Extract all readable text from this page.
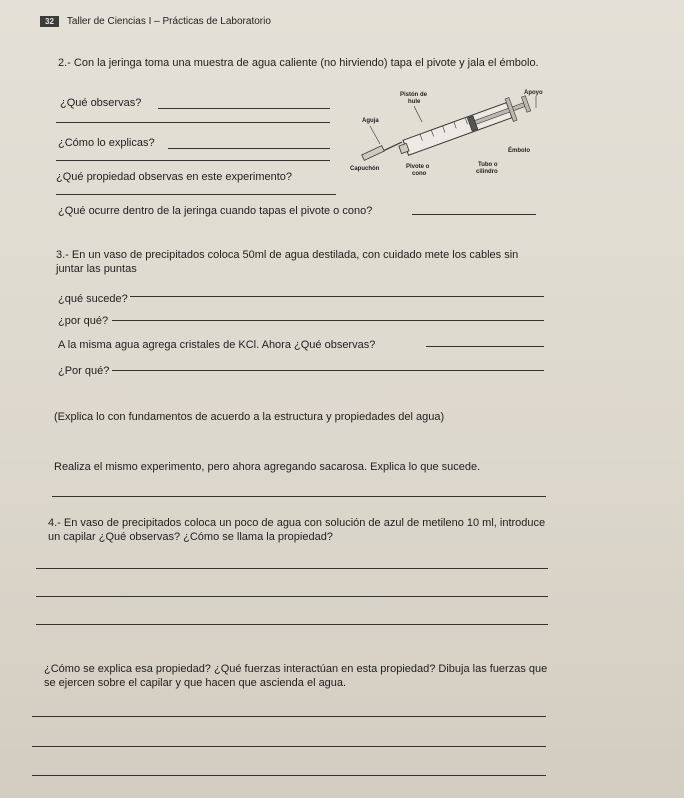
32	Taller de Ciencias I – Prácticas de Laboratorio
2.- Con la jeringa toma una muestra de agua caliente (no hirviendo) tapa el pivote y jala el émbolo.
¿Qué observas?
¿Cómo lo explicas?
¿Qué propiedad observas en este experimento?
¿Qué ocurre dentro de la jeringa cuando tapas el pivote o cono?
Apoyo
Pistón de
hule
Aguja
Émbolo
Capuchón	Pivote o
cono
Tubo o
cilindro
3.- En un vaso de precipitados coloca 50ml de agua destilada, con cuidado mete los cables sin juntar las puntas
¿qué sucede?
¿por qué?
A la misma agua agrega cristales de KCl. Ahora ¿Qué observas?
¿Por qué?
(Explica lo con fundamentos de acuerdo a la estructura y propiedades del agua)
Realiza el mismo experimento, pero ahora agregando sacarosa. Explica lo que sucede.
4.- En vaso de precipitados coloca un poco de agua con solución de azul de metileno 10 ml, introduce un capilar ¿Qué observas? ¿Cómo se llama la propiedad?
¿Cómo se explica esa propiedad? ¿Qué fuerzas interactúan en esta propiedad? Dibuja las fuerzas que se ejercen sobre el capilar y que hacen que ascienda el agua.
